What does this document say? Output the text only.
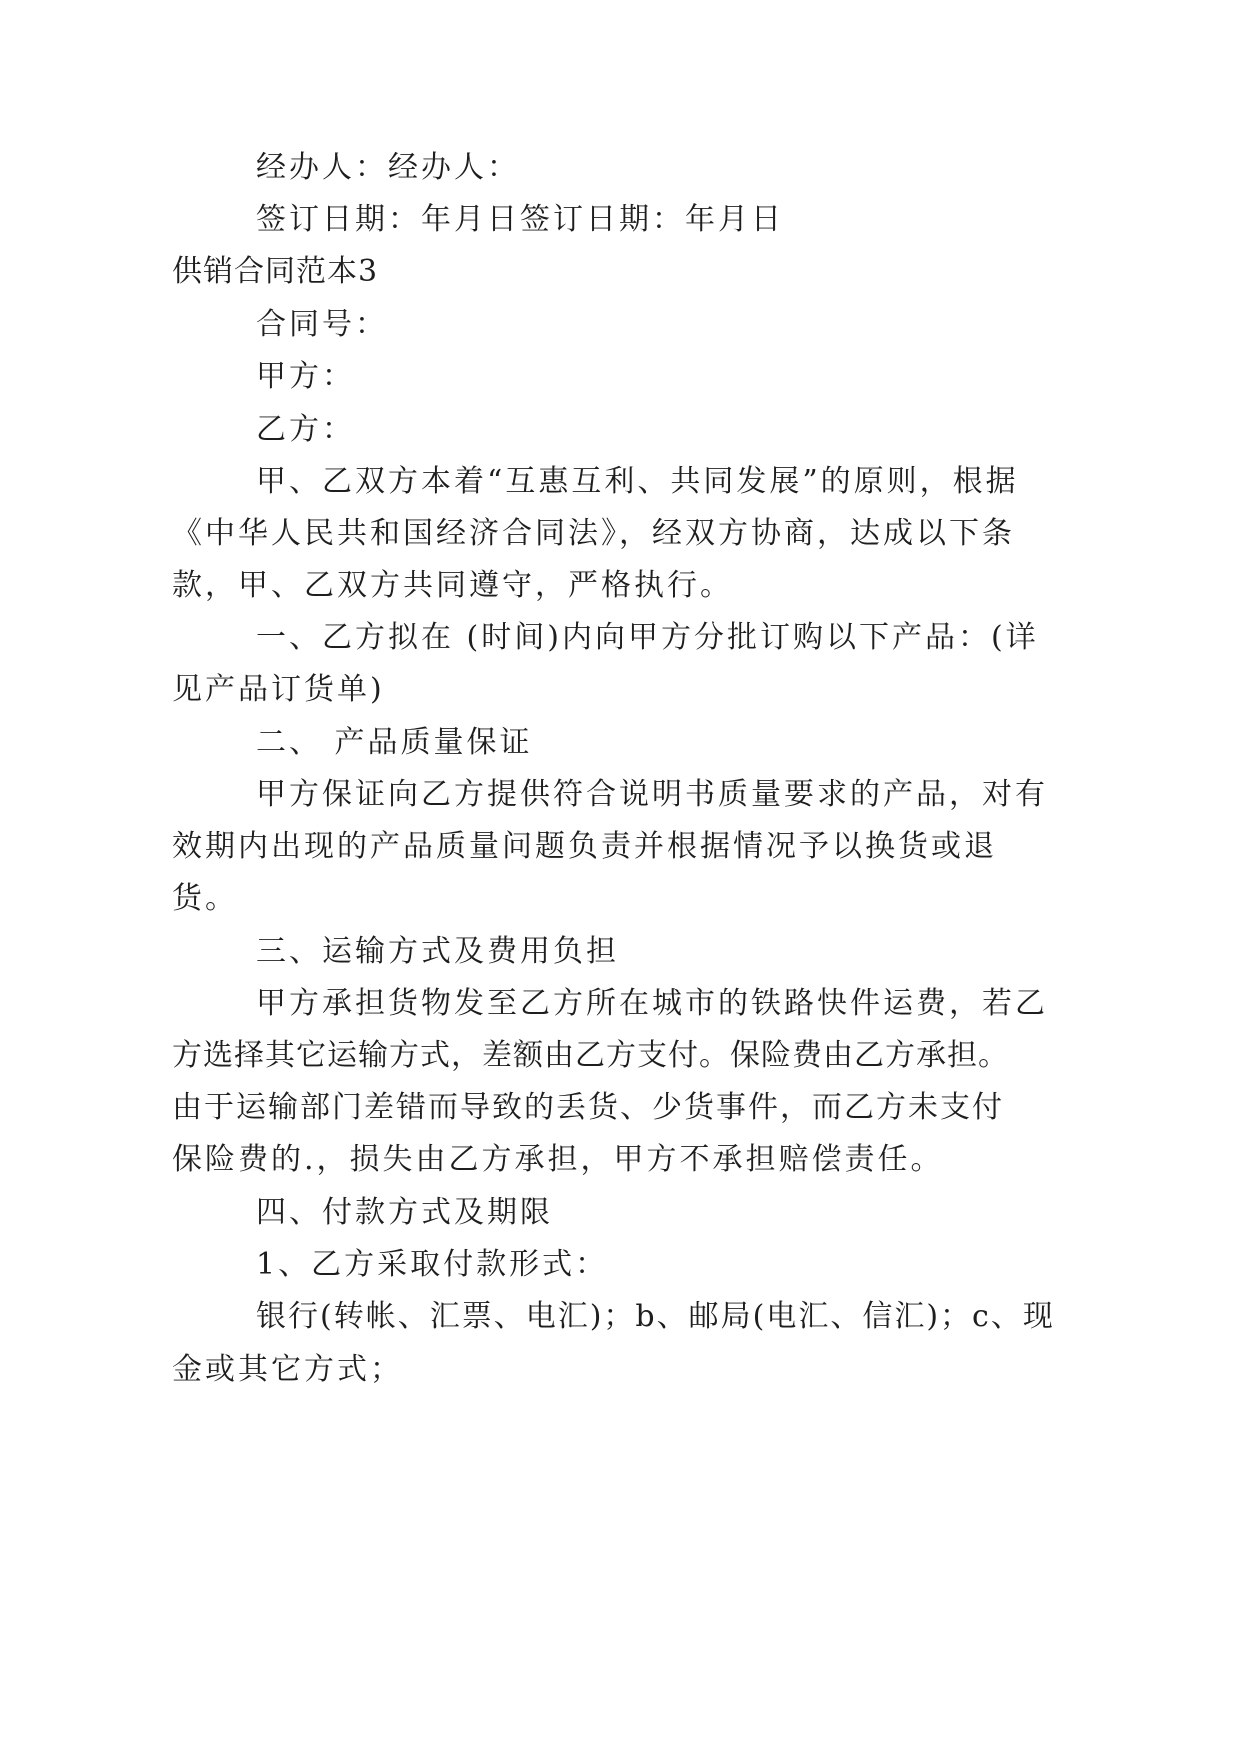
经办人：经办人：
签订日期：年月日签订日期：年月日
供销合同范本3
合同号：
甲方：
乙方：
甲、乙双方本着“互惠互利、共同发展”的原则，根据
《中华人民共和国经济合同法》，经双方协商，达成以下条
款，甲、乙双方共同遵守，严格执行。
一、乙方拟在 (时间)内向甲方分批订购以下产品：(详
见产品订货单)
二、 产品质量保证
甲方保证向乙方提供符合说明书质量要求的产品，对有
效期内出现的产品质量问题负责并根据情况予以换货或退
货。
三、运输方式及费用负担
甲方承担货物发至乙方所在城市的铁路快件运费，若乙
方选择其它运输方式，差额由乙方支付。保险费由乙方承担。
由于运输部门差错而导致的丢货、少货事件，而乙方未支付
保险费的.，损失由乙方承担，甲方不承担赔偿责任。
四、付款方式及期限
1、乙方采取付款形式：
银行(转帐、汇票、电汇)；b、邮局(电汇、信汇)；c、现
金或其它方式；
